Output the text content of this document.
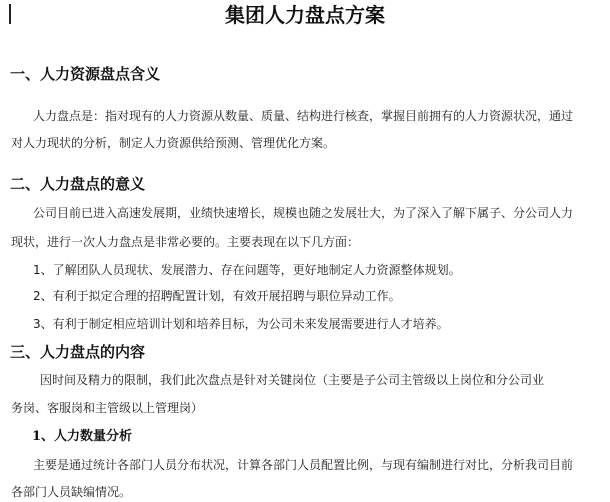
集团人力盘点方案
一、人力资源盘点含义
人力盘点是：指对现有的人力资源从数量、质量、结构进行核查，掌握目前拥有的人力资源状况，通过
对人力现状的分析，制定人力资源供给预测、管理优化方案。
二、人力盘点的意义
公司目前已进入高速发展期，业绩快速增长，规模也随之发展壮大，为了深入了解下属子、分公司人力
现状，进行一次人力盘点是非常必要的。主要表现在以下几方面：
1、了解团队人员现状、发展潜力、存在问题等，更好地制定人力资源整体规划。
2、有利于拟定合理的招聘配置计划，有效开展招聘与职位异动工作。
3、有利于制定相应培训计划和培养目标，为公司未来发展需要进行人才培养。
三、人力盘点的内容
因时间及精力的限制，我们此次盘点是针对关键岗位（主要是子公司主管级以上岗位和分公司业
务岗、客服岗和主管级以上管理岗）
1、人力数量分析
主要是通过统计各部门人员分布状况，计算各部门人员配置比例，与现有编制进行对比，分析我司目前
各部门人员缺编情况。
